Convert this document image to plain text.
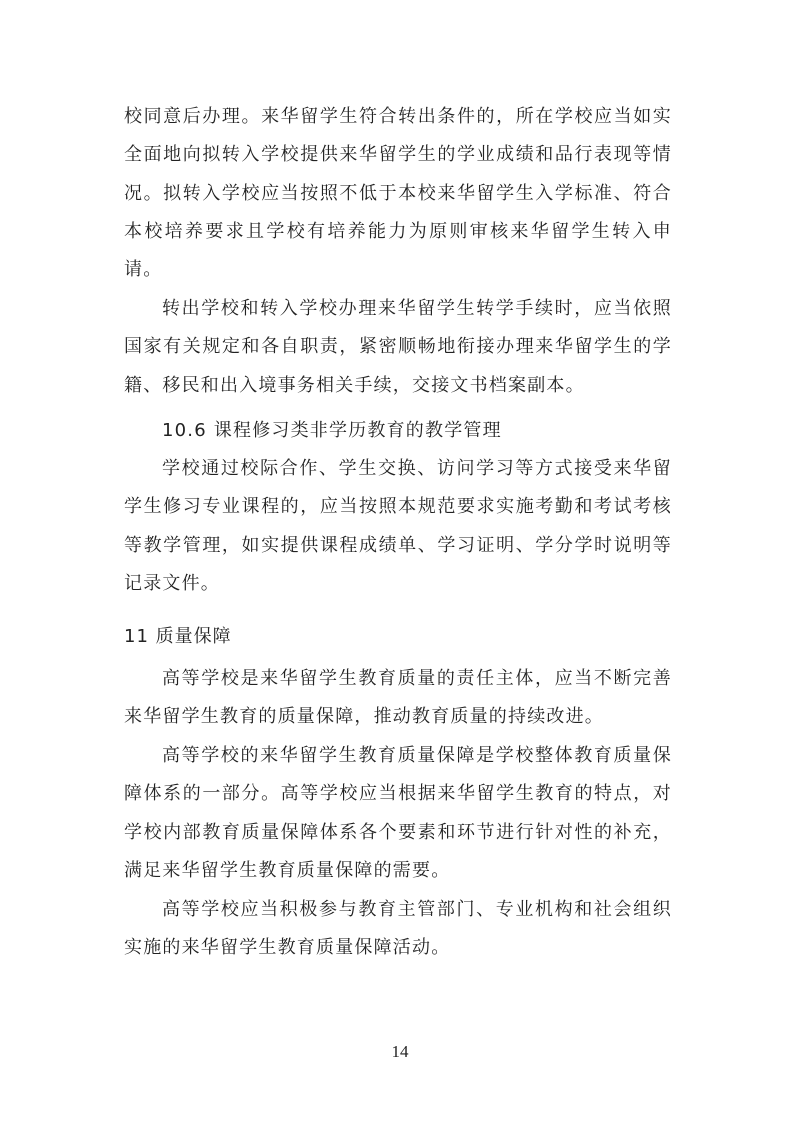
校同意后办理。来华留学生符合转出条件的，所在学校应当如实全面地向拟转入学校提供来华留学生的学业成绩和品行表现等情况。拟转入学校应当按照不低于本校来华留学生入学标准、符合本校培养要求且学校有培养能力为原则审核来华留学生转入申请。

转出学校和转入学校办理来华留学生转学手续时，应当依照国家有关规定和各自职责，紧密顺畅地衔接办理来华留学生的学籍、移民和出入境事务相关手续，交接文书档案副本。

10.6 课程修习类非学历教育的教学管理

学校通过校际合作、学生交换、访问学习等方式接受来华留学生修习专业课程的，应当按照本规范要求实施考勤和考试考核等教学管理，如实提供课程成绩单、学习证明、学分学时说明等记录文件。

11 质量保障

高等学校是来华留学生教育质量的责任主体，应当不断完善来华留学生教育的质量保障，推动教育质量的持续改进。

高等学校的来华留学生教育质量保障是学校整体教育质量保障体系的一部分。高等学校应当根据来华留学生教育的特点，对学校内部教育质量保障体系各个要素和环节进行针对性的补充，满足来华留学生教育质量保障的需要。

高等学校应当积极参与教育主管部门、专业机构和社会组织实施的来华留学生教育质量保障活动。

14
